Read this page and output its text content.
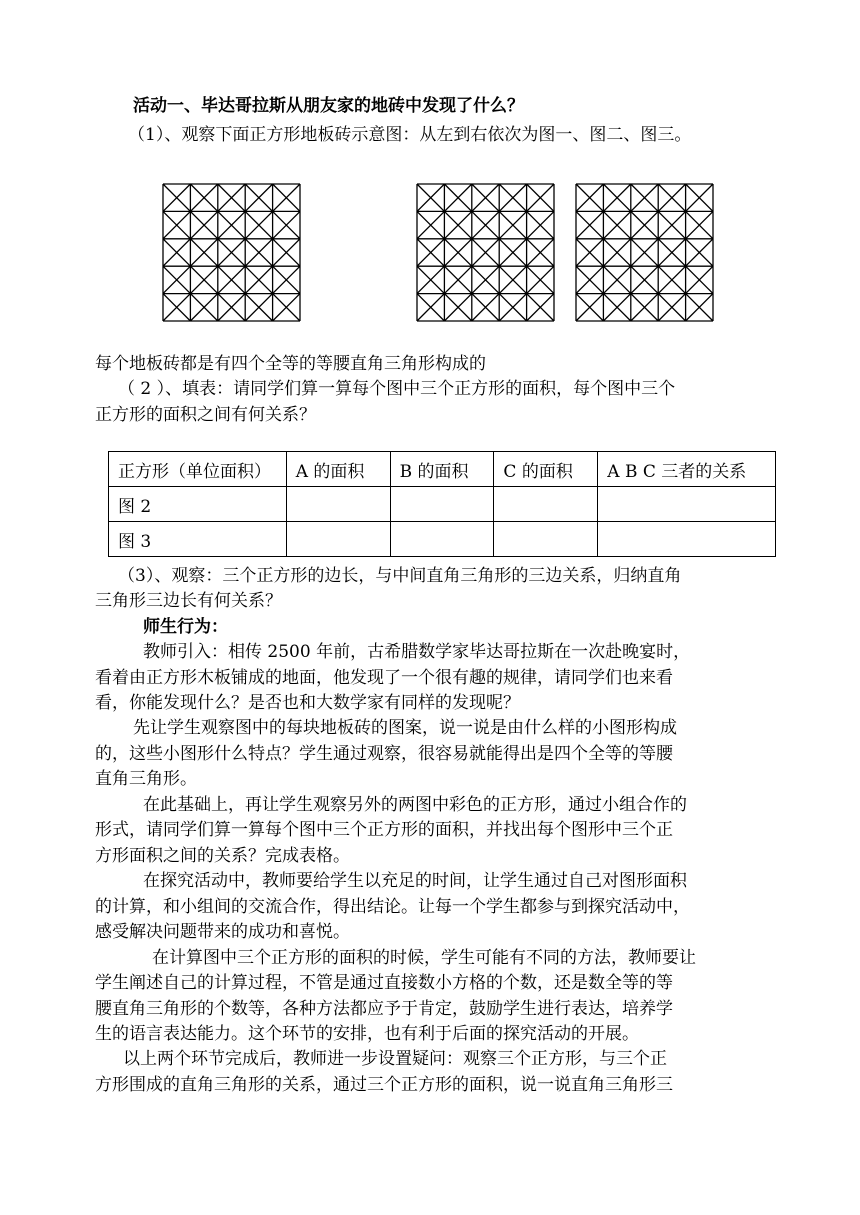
活动一、毕达哥拉斯从朋友家的地砖中发现了什么？
（1）、观察下面正方形地板砖示意图：从左到右依次为图一、图二、图三。
每个地板砖都是有四个全等的等腰直角三角形构成的
（ 2 ）、填表：请同学们算一算每个图中三个正方形的面积，每个图中三个
正方形的面积之间有何关系？
正方形（单位面积）	A 的面积	B 的面积	C 的面积	A B C 三者的关系
图 2				
图 3				
（3）、观察：三个正方形的边长，与中间直角三角形的三边关系，归纳直角
三角形三边长有何关系？
师生行为：
教师引入：相传 2500 年前，古希腊数学家毕达哥拉斯在一次赴晚宴时，
看着由正方形木板铺成的地面，他发现了一个很有趣的规律，请同学们也来看
看，你能发现什么？是否也和大数学家有同样的发现呢？
先让学生观察图中的每块地板砖的图案，说一说是由什么样的小图形构成
的，这些小图形什么特点？学生通过观察，很容易就能得出是四个全等的等腰
直角三角形。
在此基础上，再让学生观察另外的两图中彩色的正方形，通过小组合作的
形式，请同学们算一算每个图中三个正方形的面积，并找出每个图形中三个正
方形面积之间的关系？完成表格。
在探究活动中，教师要给学生以充足的时间，让学生通过自己对图形面积
的计算，和小组间的交流合作，得出结论。让每一个学生都参与到探究活动中，
感受解决问题带来的成功和喜悦。
在计算图中三个正方形的面积的时候，学生可能有不同的方法，教师要让
学生阐述自己的计算过程，不管是通过直接数小方格的个数，还是数全等的等
腰直角三角形的个数等，各种方法都应予于肯定，鼓励学生进行表达，培养学
生的语言表达能力。这个环节的安排，也有利于后面的探究活动的开展。
以上两个环节完成后，教师进一步设置疑问：观察三个正方形，与三个正
方形围成的直角三角形的关系，通过三个正方形的面积，说一说直角三角形三
